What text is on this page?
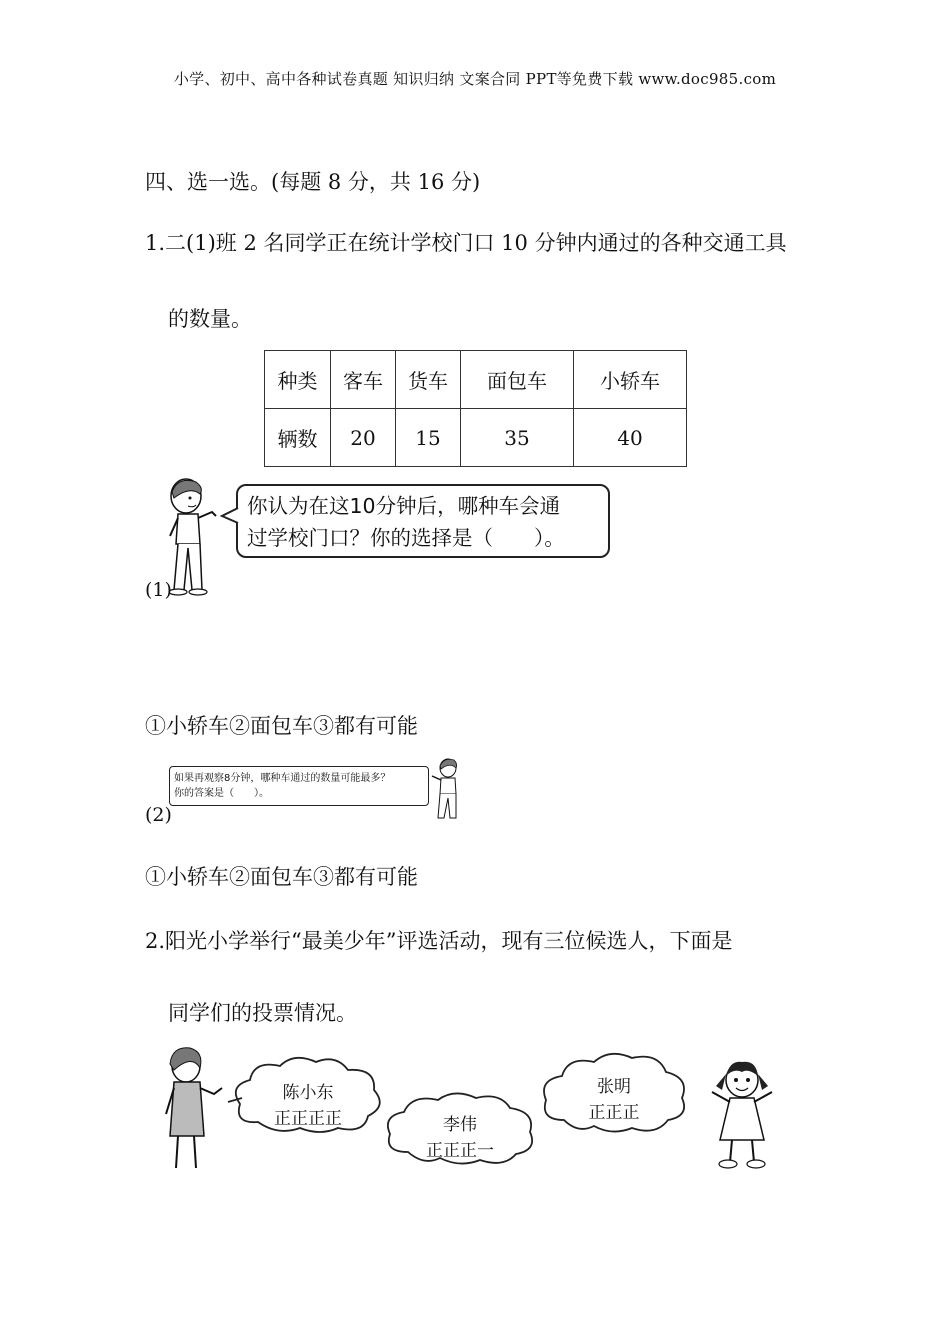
小学、初中、高中各种试卷真题 知识归纳 文案合同 PPT等免费下载 www.doc985.com
四、选一选。(每题 8 分，共 16 分)
1.二(1)班 2 名同学正在统计学校门口 10 分钟内通过的各种交通工具
的数量。
种类	客车	货车	面包车	小轿车
辆数	20	15	35	40
你认为在这10分钟后，哪种车会通
过学校门口？你的选择是（　　）。
(1)
①小轿车②面包车③都有可能
如果再观察8分钟，哪种车通过的数量可能最多？
你的答案是（　　）。
(2)
①小轿车②面包车③都有可能
2.阳光小学举行“最美少年”评选活动，现有三位候选人，下面是
同学们的投票情况。
陈小东
正正正正	李伟
正正正一
张明
正正正
